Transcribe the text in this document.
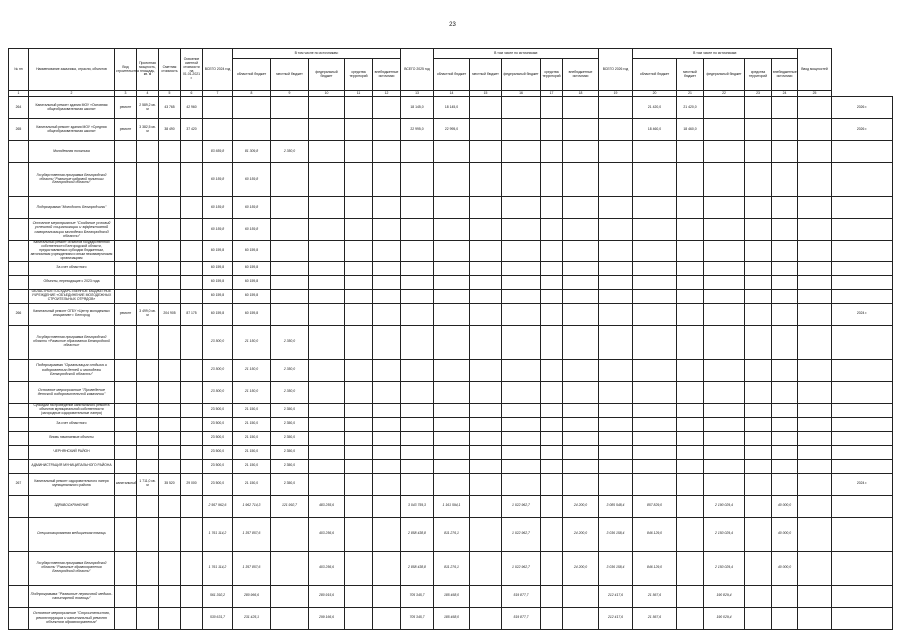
23
№ пп	Наименование заказчика, отрасли, объектов	Вид строительства	Проектная мощность, площадь, кв. м	Сметная стоимость	Освоение сметной стоимости на 01.01.2021 г.	ВСЕГО 2024 год	В том числе по источникам:					ВСЕГО 2025 год	В том числе по источникам:					ВСЕГО 2026 год	В том числе по источникам:					Ввод мощностей	
							областной бюджет	местный бюджет	федеральный бюджет	средства территорий	внебюджетные источники		областной бюджет	местный бюджет	федеральный бюджет	средства территорий	внебюджетные источники		областной бюджет	местный бюджет	федеральный бюджет	средства территорий	внебюджетные источники		
1	2	3	4	5	6	7	8	9	10	11	12	13	14	15	16	17	18	19	20	21	22	23	24	25	
264	Капитальный ремонт здания МОУ «Основная общеобразовательная школа»	ремонт	2 589,2 кв. м	43 765	42 960							18 145,0	18 145,0						21 420,0	21 420,0					2026 г.
265	Капитальный ремонт здания МОУ «Средняя общеобразовательная школа»	ремонт	3 382,5 кв. м	38 490	37 420							22 995,0	22 995,0						18 460,0	18 460,0					2026 г.
	Молодежная политика					83 659,8	81 309,8	2 350,0																	
	Государственная программа Белгородской области "Развитие кадровой политики Белгородской области"					60 159,8	60 159,8																		
	Подпрограмма "Молодость Белгородчины"					60 159,8	60 159,8																		
	Основное мероприятие "Создание условий успешной социализации и эффективной самореализации молодежи Белгородской области"					60 159,8	60 159,8																		
	Капитальный ремонт объектов государственной собственности Белгородской области, предоставляемых субсидии бюджетным, автономным учреждениям и иным некоммерческим организациям					60 159,8	60 159,8																		
	За счет областного					60 159,8	60 159,8																		
	Объекты, переходящие с 2023 года					60 159,8	60 159,8																		
	ОБЛАСТНОЕ ГОСУДАРСТВЕННОЕ БЮДЖЕТНОЕ УЧРЕЖДЕНИЕ «ОБЪЕДИНЕНИЕ МОЛОДЕЖНЫХ СТРОИТЕЛЬНЫХ ОТРЯДОВ»					60 159,8	60 159,8																		
266	Капитальный ремонт ОГБУ «Центр молодежных инициатив» г. Белгород	ремонт	3 499,0 кв. м	204 905	87 175	60 159,8	60 159,8																		2024 г.
	Государственная программа Белгородской области «Развитие образования Белгородской области»					23 500,0	21 150,0	2 350,0																	
	Подпрограмма "Организация отдыха и оздоровления детей и молодежи Белгородской области"					23 500,0	21 150,0	2 350,0																	
	Основное мероприятие "Проведение детской оздоровительной кампании"					23 500,0	21 150,0	2 350,0																	
	Субсидии на проведение капитального ремонта объектов муниципальной собственности (загородные оздоровительные лагеря)					23 500,0	21 150,0	2 350,0																	
	За счет областного					23 500,0	21 150,0	2 350,0																	
	Вновь начинаемые объекты					23 500,0	21 150,0	2 350,0																	
	ЧЕРНЯНСКИЙ РАЙОН					23 500,0	21 150,0	2 350,0																	
	АДМИНИСТРАЦИЯ МУНИЦИПАЛЬНОГО РАЙОНА					23 500,0	21 150,0	2 350,0																	
267	Капитальный ремонт оздоровительного лагеря муниципального района	капитальный	1 711,0 кв. м	35 520	29 000	23 500,0	21 150,0	2 350,0																	2024 г.
	ЗДРАВООХРАНЕНИЕ					2 567 962,6	1 962 714,3	121 992,7	483 255,6			3 043 759,3	1 161 594,1		1 022 962,7		24 200,0	3 085 548,4	857 829,0		2 190 029,4		40 000,0		
	Специализированная медицинская помощь					1 761 114,2	1 357 857,6		403 256,6			2 858 438,8	811 276,1		1 022 962,7		24 200,0	3 036 158,4	846 129,0		2 150 029,4		40 000,0		
	Государственная программа Белгородской области "Развитие здравоохранения Белгородской области"					1 761 114,2	1 357 857,6		403 256,6			2 858 438,8	811 276,1		1 022 962,7		24 200,0	3 036 158,4	846 129,0		2 150 029,4		40 000,0		
	Подпрограмма "Развитие первичной медико-санитарной помощи"					561 392,2	280 966,6		280 915,6			705 345,7	185 468,0		519 877,7			212 417,6	21 567,6		190 829,4				
	Основное мероприятие "Строительство, реконструкция и капитальный ремонт объектов здравоохранения"					530 631,7	231 425,1		299 166,6			705 345,7	185 468,0		519 877,7			212 417,6	21 567,6		190 029,4				
